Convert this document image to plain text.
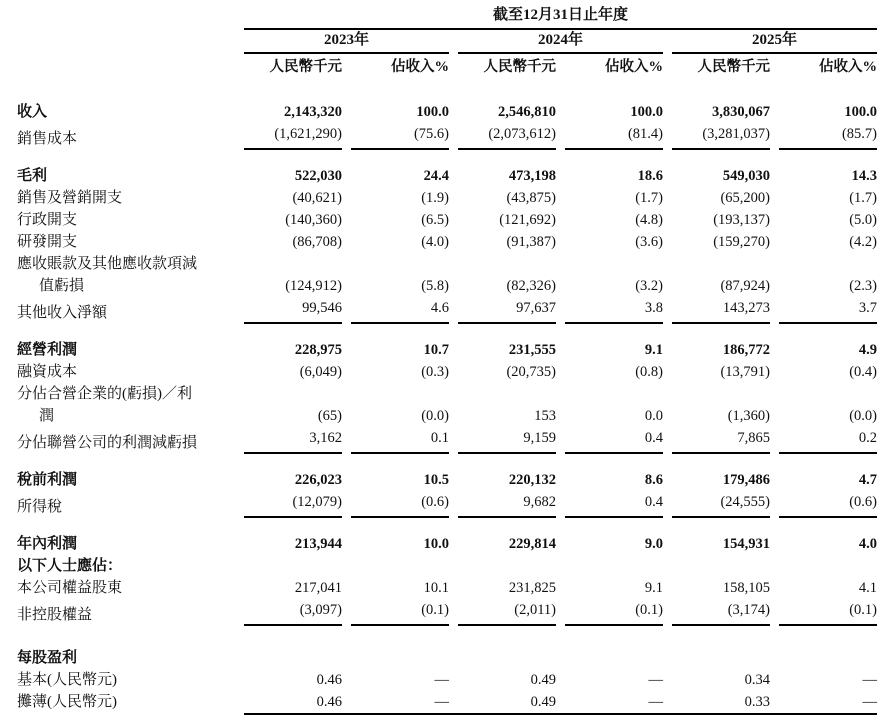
	截至12月31日止年度					
	2023年		2024年		2025年	
	人民幣千元	佔收入%	人民幣千元	佔收入%	人民幣千元	佔收入%

收入	2,143,320	100.0	2,546,810	100.0	3,830,067	100.0
銷售成本	(1,621,290)	(75.6)	(2,073,612)	(81.4)	(3,281,037)	(85.7)

毛利	522,030	24.4	473,198	18.6	549,030	14.3
銷售及營銷開支	(40,621)	(1.9)	(43,875)	(1.7)	(65,200)	(1.7)
行政開支	(140,360)	(6.5)	(121,692)	(4.8)	(193,137)	(5.0)
研發開支	(86,708)	(4.0)	(91,387)	(3.6)	(159,270)	(4.2)
應收賬款及其他應收款項減						
值虧損	(124,912)	(5.8)	(82,326)	(3.2)	(87,924)	(2.3)
其他收入淨額	99,546	4.6	97,637	3.8	143,273	3.7

經營利潤	228,975	10.7	231,555	9.1	186,772	4.9
融資成本	(6,049)	(0.3)	(20,735)	(0.8)	(13,791)	(0.4)
分佔合營企業的(虧損)／利						
潤	(65)	(0.0)	153	0.0	(1,360)	(0.0)
分佔聯營公司的利潤減虧損	3,162	0.1	9,159	0.4	7,865	0.2

稅前利潤	226,023	10.5	220,132	8.6	179,486	4.7
所得稅	(12,079)	(0.6)	9,682	0.4	(24,555)	(0.6)

年內利潤	213,944	10.0	229,814	9.0	154,931	4.0
以下人士應佔：						
本公司權益股東	217,041	10.1	231,825	9.1	158,105	4.1
非控股權益	(3,097)	(0.1)	(2,011)	(0.1)	(3,174)	(0.1)

每股盈利						
基本(人民幣元)	0.46	—	0.49	—	0.34	—
攤薄(人民幣元)	0.46	—	0.49	—	0.33	—
